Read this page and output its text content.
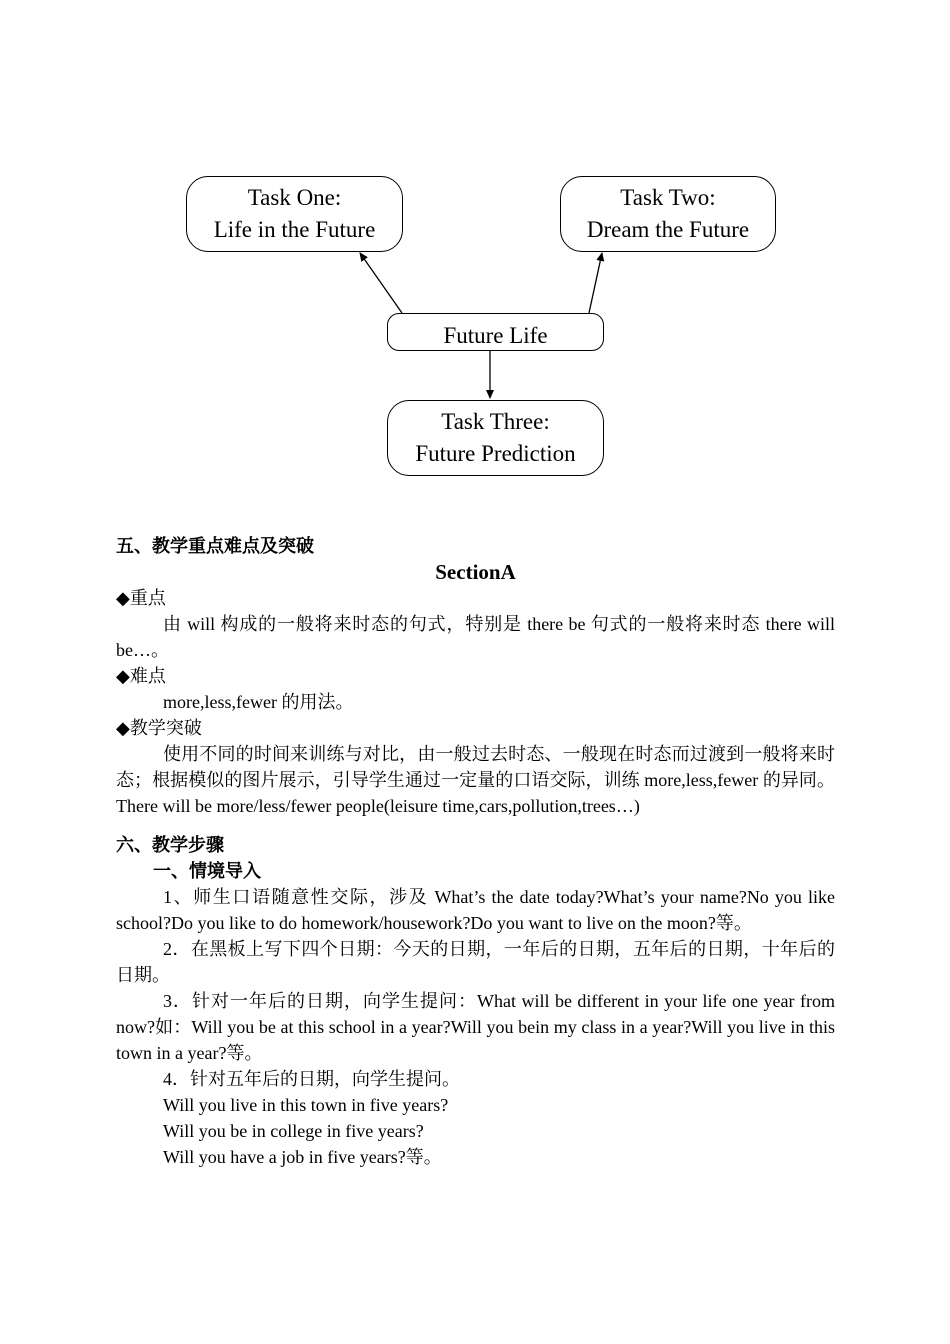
Task One:
Life in the Future
Task Two:
Dream the Future
Future Life
Task Three:
Future Prediction
五、教学重点难点及突破
SectionA
◆重点
由 will 构成的一般将来时态的句式，特别是 there be 句式的一般将来时态 there will be…。
◆难点
more,less,fewer 的用法。
◆教学突破
使用不同的时间来训练与对比，由一般过去时态、一般现在时态而过渡到一般将来时态；根据模似的图片展示，引导学生通过一定量的口语交际，训练 more,less,fewer 的异同。There will be more/less/fewer people(leisure time,cars,pollution,trees…)
六、教学步骤
一、情境导入
1、师生口语随意性交际，涉及 What’s the date today?What’s your name?No you like school?Do you like to do homework/housework?Do you want to live on the moon?等。
2．在黑板上写下四个日期：今天的日期，一年后的日期，五年后的日期，十年后的日期。
3．针对一年后的日期，向学生提问：What will be different in your life one year from now?如：Will you be at this school in a year?Will you bein my class in a year?Will you live in this town in a year?等。
4．针对五年后的日期，向学生提问。
Will you live in this town in five years?
Will you be in college in five years?
Will you have a job in five years?等。
